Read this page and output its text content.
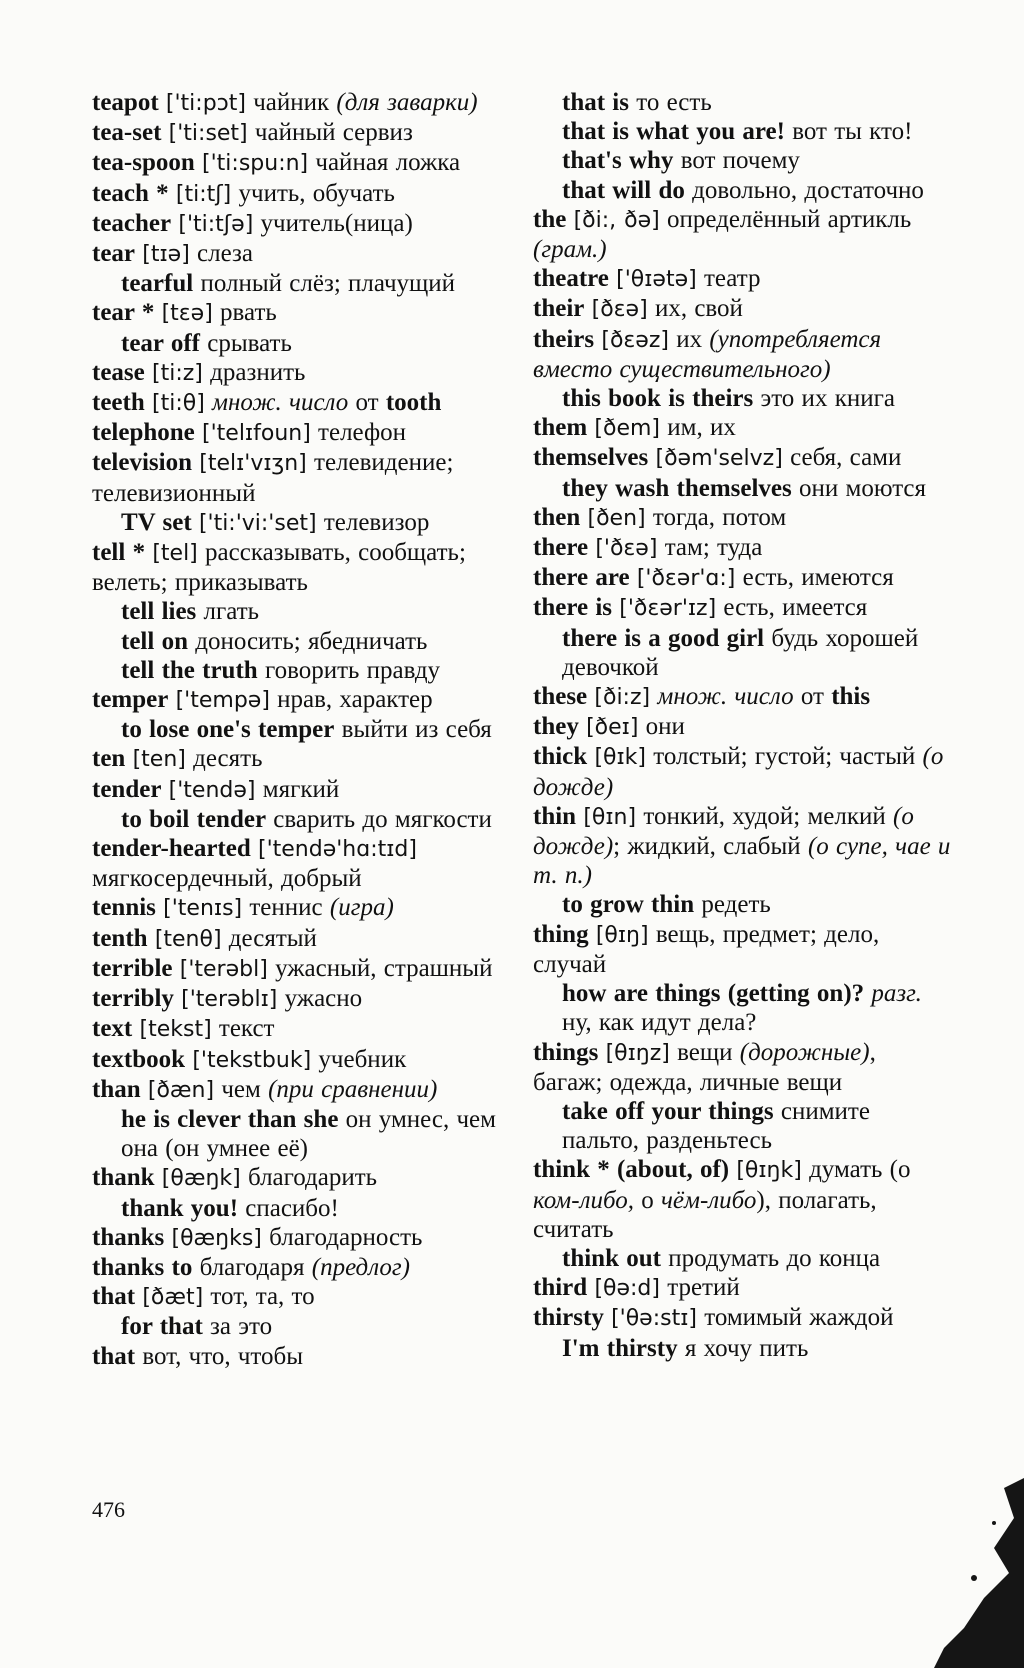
teapot ['ti:pɔt] чайник (для заварки)
tea-set ['ti:set] чайный сервиз
tea-spoon ['ti:spu:n] чайная ложка
teach * [ti:tʃ] учить, обучать
teacher ['ti:tʃə] учитель(ница)
tear [tɪə] слеза
tearful полный слёз; плачущий
tear * [tɛə] рвать
tear off срывать
tease [ti:z] дразнить
teeth [ti:θ] множ. число от tooth
telephone ['telɪfoun] телефон
television [telɪ'vɪʒn] телевидение; телевизионный
TV set ['ti:'vi:'set] телевизор
tell * [tel] рассказывать, сообщать; велеть; приказывать
tell lies лгать
tell on доносить; ябедничать
tell the truth говорить правду
temper ['tempə] нрав, характер
to lose one's temper выйти из себя
ten [ten] десять
tender ['tendə] мягкий
to boil tender сварить до мягкости
tender-hearted ['tendə'hɑ:tɪd] мягкосердечный, добрый
tennis ['tenɪs] теннис (игра)
tenth [tenθ] десятый
terrible ['terəbl] ужасный, страшный
terribly ['terəblɪ] ужасно
text [tekst] текст
textbook ['tekstbuk] учебник
than [ðæn] чем (при сравнении)
he is clever than she он умнес, чем она (он умнее её)
thank [θæŋk] благодарить
thank you! спасибо!
thanks [θæŋks] благодарность
thanks to благодаря (предлог)
that [ðæt] тот, та, то
for that за это
that вот, что, чтобы
that is то есть
that is what you are! вот ты кто!
that's why вот почему
that will do довольно, достаточно
the [ði:, ðə] определённый артикль (грам.)
theatre ['θɪətə] театр
their [ðɛə] их, свой
theirs [ðɛəz] их (употребляется вместо существительного)
this book is theirs это их книга
them [ðem] им, их
themselves [ðəm'selvz] себя, сами
they wash themselves они моются
then [ðen] тогда, потом
there ['ðɛə] там; туда
there are ['ðɛər'ɑ:] есть, имеются
there is ['ðɛər'ɪz] есть, имеется
there is a good girl будь хорошей девочкой
these [ði:z] множ. число от this
they [ðeɪ] они
thick [θɪk] толстый; густой; частый (о дожде)
thin [θɪn] тонкий, худой; мелкий (о дожде); жидкий, слабый (о супе, чае и т. п.)
to grow thin редеть
thing [θɪŋ] вещь, предмет; дело, случай
how are things (getting on)? разг. ну, как идут дела?
things [θɪŋz] вещи (дорожные), багаж; одежда, личные вещи
take off your things снимите пальто, разденьтесь
think * (about, of) [θɪŋk] думать (о ком-либо, о чём-либо), полагать, считать
think out продумать до конца
third [θə:d] третий
thirsty ['θə:stɪ] томимый жаждой
I'm thirsty я хочу пить
476
